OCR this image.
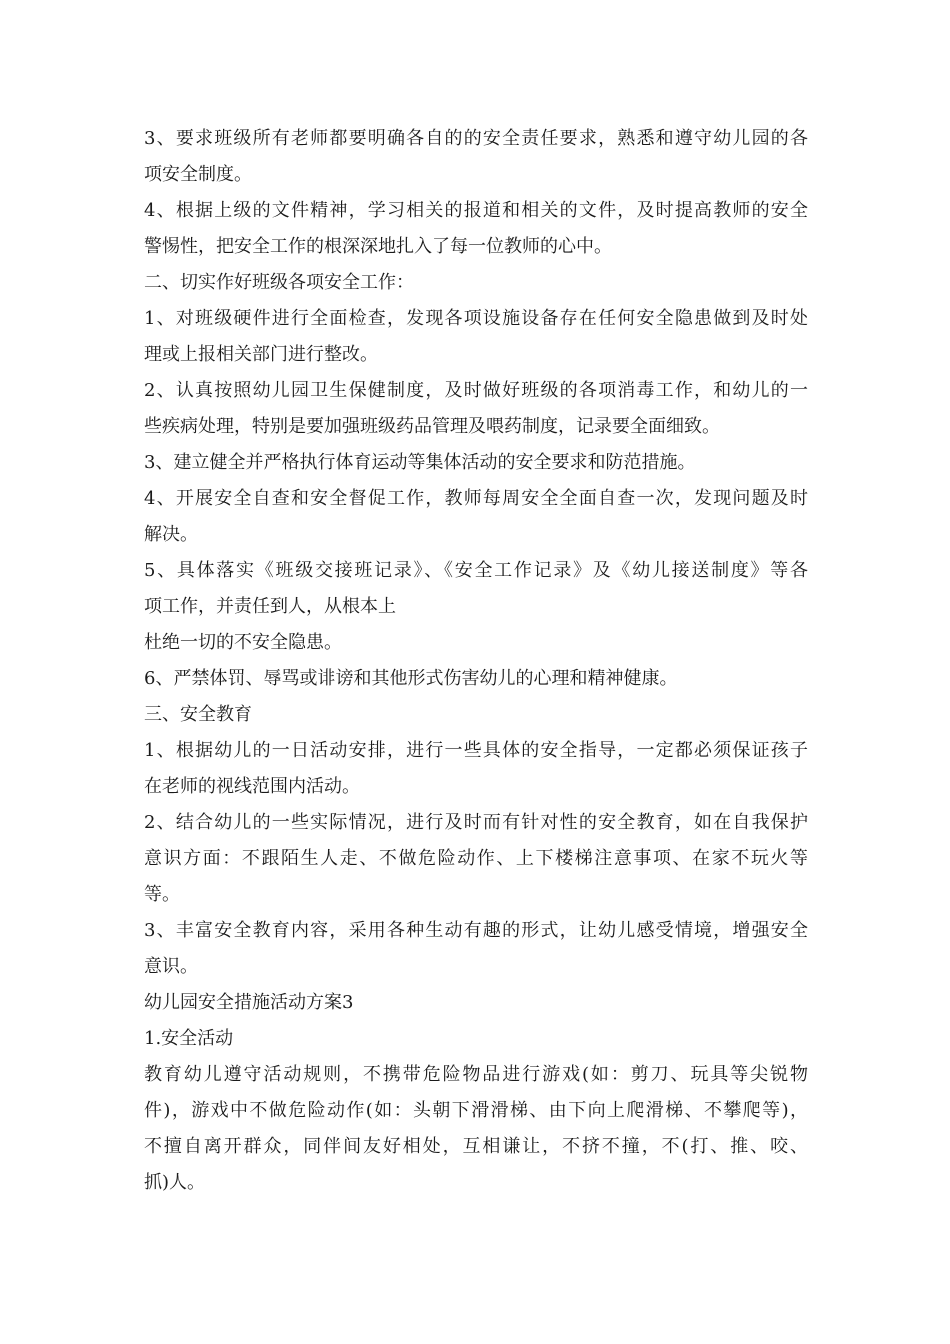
3、要求班级所有老师都要明确各自的的安全责任要求，熟悉和遵守幼儿园的各
项安全制度。
4、根据上级的文件精神，学习相关的报道和相关的文件，及时提高教师的安全
警惕性，把安全工作的根深深地扎入了每一位教师的心中。
二、切实作好班级各项安全工作：
1、对班级硬件进行全面检查，发现各项设施设备存在任何安全隐患做到及时处
理或上报相关部门进行整改。
2、认真按照幼儿园卫生保健制度，及时做好班级的各项消毒工作，和幼儿的一
些疾病处理，特别是要加强班级药品管理及喂药制度，记录要全面细致。
3、建立健全并严格执行体育运动等集体活动的安全要求和防范措施。
4、开展安全自查和安全督促工作，教师每周安全全面自查一次，发现问题及时
解决。
5、具体落实《班级交接班记录》、《安全工作记录》及《幼儿接送制度》等各
项工作，并责任到人，从根本上
杜绝一切的不安全隐患。
6、严禁体罚、辱骂或诽谤和其他形式伤害幼儿的心理和精神健康。
三、安全教育
1、根据幼儿的一日活动安排，进行一些具体的安全指导，一定都必须保证孩子
在老师的视线范围内活动。
2、结合幼儿的一些实际情况，进行及时而有针对性的安全教育，如在自我保护
意识方面：不跟陌生人走、不做危险动作、上下楼梯注意事项、在家不玩火等
等。
3、丰富安全教育内容，采用各种生动有趣的形式，让幼儿感受情境，增强安全
意识。
幼儿园安全措施活动方案3
1.安全活动
教育幼儿遵守活动规则，不携带危险物品进行游戏(如：剪刀、玩具等尖锐物
件)，游戏中不做危险动作(如：头朝下滑滑梯、由下向上爬滑梯、不攀爬等)，
不擅自离开群众，同伴间友好相处，互相谦让，不挤不撞，不(打、推、咬、
抓)人。
